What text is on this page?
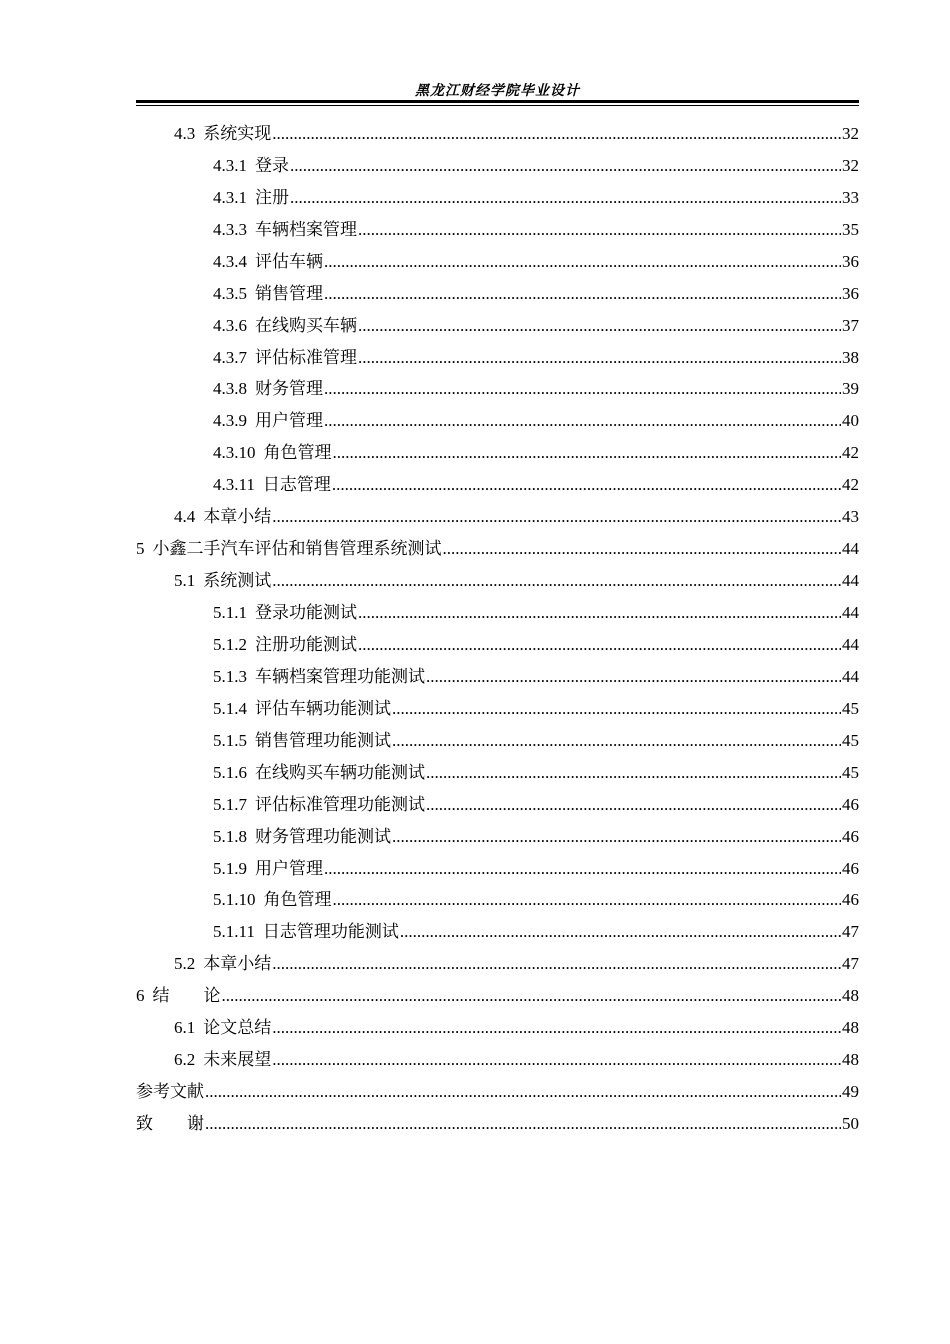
黑龙江财经学院毕业设计
4.3 系统实现 .....	32
4.3.1 登录 .....	32
4.3.1 注册 .....	33
4.3.3 车辆档案管理 .....	35
4.3.4 评估车辆 .....	36
4.3.5 销售管理 .....	36
4.3.6 在线购买车辆 .....	37
4.3.7 评估标准管理 .....	38
4.3.8 财务管理 .....	39
4.3.9 用户管理 .....	40
4.3.10 角色管理 .....	42
4.3.11 日志管理 .....	42
4.4 本章小结 .....	43
5 小鑫二手汽车评估和销售管理系统测试 .....	44
5.1 系统测试 .....	44
5.1.1 登录功能测试 .....	44
5.1.2 注册功能测试 .....	44
5.1.3 车辆档案管理功能测试 .....	44
5.1.4 评估车辆功能测试 .....	45
5.1.5 销售管理功能测试 .....	45
5.1.6 在线购买车辆功能测试 .....	45
5.1.7 评估标准管理功能测试 .....	46
5.1.8 财务管理功能测试 .....	46
5.1.9 用户管理 .....	46
5.1.10 角色管理 .....	46
5.1.11 日志管理功能测试 .....	47
5.2 本章小结 .....	47
6 结　　论 .....	48
6.1 论文总结 .....	48
6.2 未来展望 .....	48
参考文献 .....	49
致　　谢 .....	50
